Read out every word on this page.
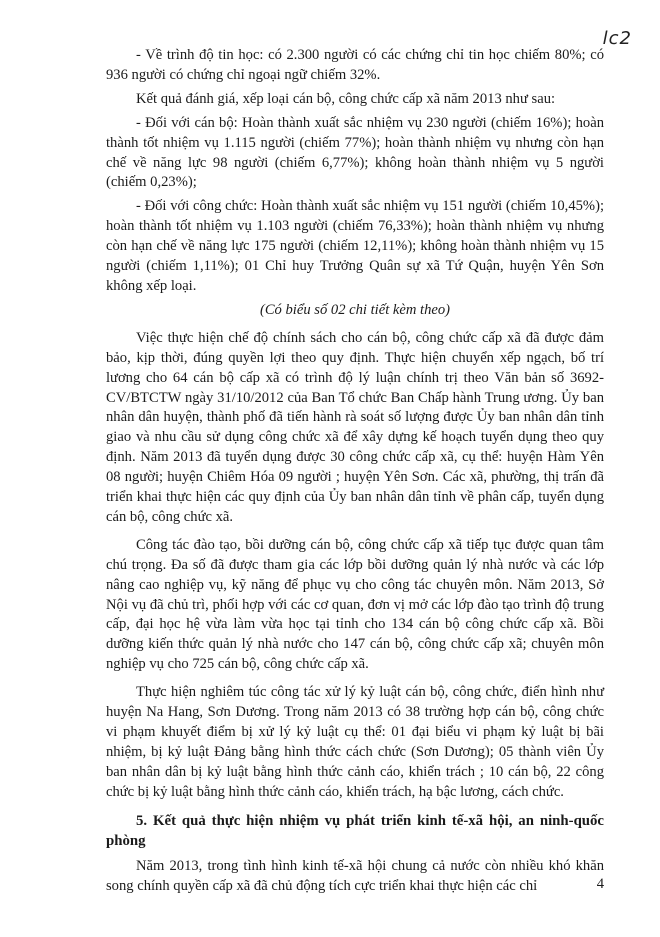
lc2

- Về trình độ tin học: có 2.300 người có các chứng chỉ tin học chiếm 80%; có 936 người có chứng chỉ ngoại ngữ chiếm 32%.

Kết quả đánh giá, xếp loại cán bộ, công chức cấp xã năm 2013 như sau:

- Đối với cán bộ: Hoàn thành xuất sắc nhiệm vụ 230 người (chiếm 16%); hoàn thành tốt nhiệm vụ 1.115 người (chiếm 77%); hoàn thành nhiệm vụ nhưng còn hạn chế về năng lực 98 người (chiếm 6,77%); không hoàn thành nhiệm vụ 5 người (chiếm 0,23%);

- Đối với công chức: Hoàn thành xuất sắc nhiệm vụ 151 người (chiếm 10,45%); hoàn thành tốt nhiệm vụ 1.103 người (chiếm 76,33%); hoàn thành nhiệm vụ nhưng còn hạn chế về năng lực 175 người (chiếm 12,11%); không hoàn thành nhiệm vụ 15 người (chiếm 1,11%); 01 Chỉ huy Trưởng Quân sự xã Tứ Quận, huyện Yên Sơn không xếp loại.

(Có biểu số 02 chi tiết kèm theo)

Việc thực hiện chế độ chính sách cho cán bộ, công chức cấp xã đã được đảm bảo, kịp thời, đúng quyền lợi theo quy định. Thực hiện chuyển xếp ngạch, bố trí lương cho 64 cán bộ cấp xã có trình độ lý luận chính trị theo Văn bản số 3692-CV/BTCTW ngày 31/10/2012 của Ban Tổ chức Ban Chấp hành Trung ương. Ủy ban nhân dân huyện, thành phố đã tiến hành rà soát số lượng được Ủy ban nhân dân tỉnh giao và nhu cầu sử dụng công chức xã để xây dựng kế hoạch tuyển dụng theo quy định. Năm 2013 đã tuyển dụng được 30 công chức cấp xã, cụ thể: huyện Hàm Yên 08 người; huyện Chiêm Hóa 09 người ; huyện Yên Sơn. Các xã, phường, thị trấn đã triển khai thực hiện các quy định của Ủy ban nhân dân tỉnh về phân cấp, tuyển dụng cán bộ, công chức xã.

Công tác đào tạo, bồi dưỡng cán bộ, công chức cấp xã tiếp tục được quan tâm chú trọng. Đa số đã được tham gia các lớp bồi dưỡng quản lý nhà nước và các lớp nâng cao nghiệp vụ, kỹ năng để phục vụ cho công tác chuyên môn. Năm 2013, Sở Nội vụ đã chủ trì, phối hợp với các cơ quan, đơn vị mở các lớp đào tạo trình độ trung cấp, đại học hệ vừa làm vừa học tại tỉnh cho 134 cán bộ công chức cấp xã. Bồi dưỡng kiến thức quản lý nhà nước cho 147 cán bộ, công chức cấp xã; chuyên môn nghiệp vụ cho 725 cán bộ, công chức cấp xã.

Thực hiện nghiêm túc công tác xử lý kỷ luật cán bộ, công chức, điển hình như huyện Na Hang, Sơn Dương. Trong năm 2013 có 38 trường hợp cán bộ, công chức vi phạm khuyết điểm bị xử lý kỷ luật cụ thể: 01 đại biểu vi phạm kỷ luật bị bãi nhiệm, bị kỷ luật Đảng bằng hình thức cách chức (Sơn Dương); 05 thành viên Ủy ban nhân dân bị kỷ luật bằng hình thức cảnh cáo, khiển trách ; 10 cán bộ, 22 công chức bị kỷ luật bằng hình thức cảnh cáo, khiển trách, hạ bậc lương, cách chức.

5. Kết quả thực hiện nhiệm vụ phát triển kinh tế-xã hội, an ninh-quốc phòng

Năm 2013, trong tình hình kinh tế-xã hội chung cả nước còn nhiều khó khăn song chính quyền cấp xã đã chủ động tích cực triển khai thực hiện các chỉ	4
